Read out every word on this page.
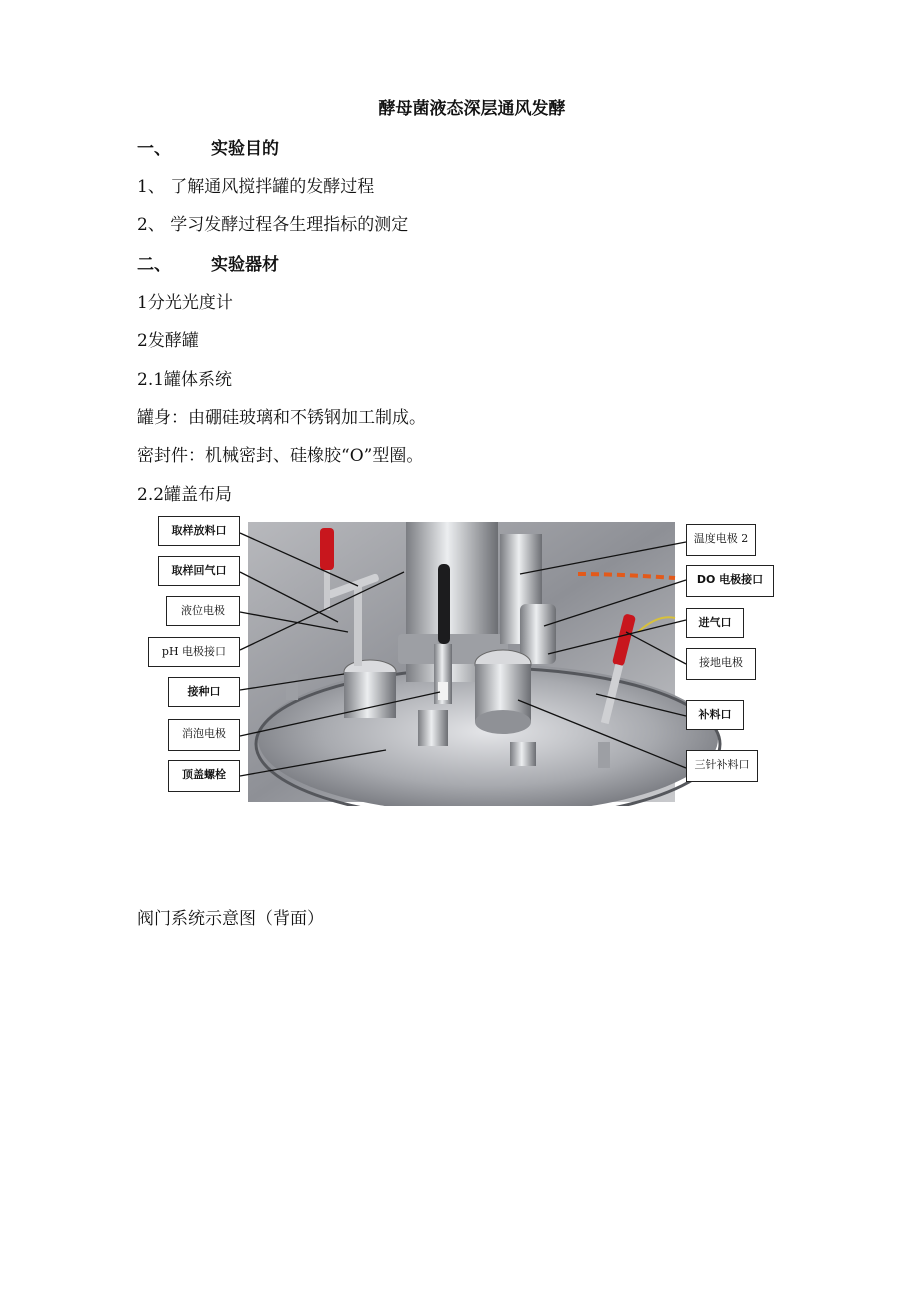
酵母菌液态深层通风发酵
一、 实验目的
1、 了解通风搅拌罐的发酵过程
2、 学习发酵过程各生理指标的测定
二、 实验器材
1分光光度计
2发酵罐
2.1罐体系统
罐身：由硼硅玻璃和不锈钢加工制成。
密封件：机械密封、硅橡胶“O”型圈。
2.2罐盖布局
取样放料口
取样回气口
液位电极
pH 电极接口
接种口
消泡电极
顶盖螺栓
温度电极 2
DO 电极接口
进气口
接地电极
补料口
三针补料口
阀门系统示意图（背面）
